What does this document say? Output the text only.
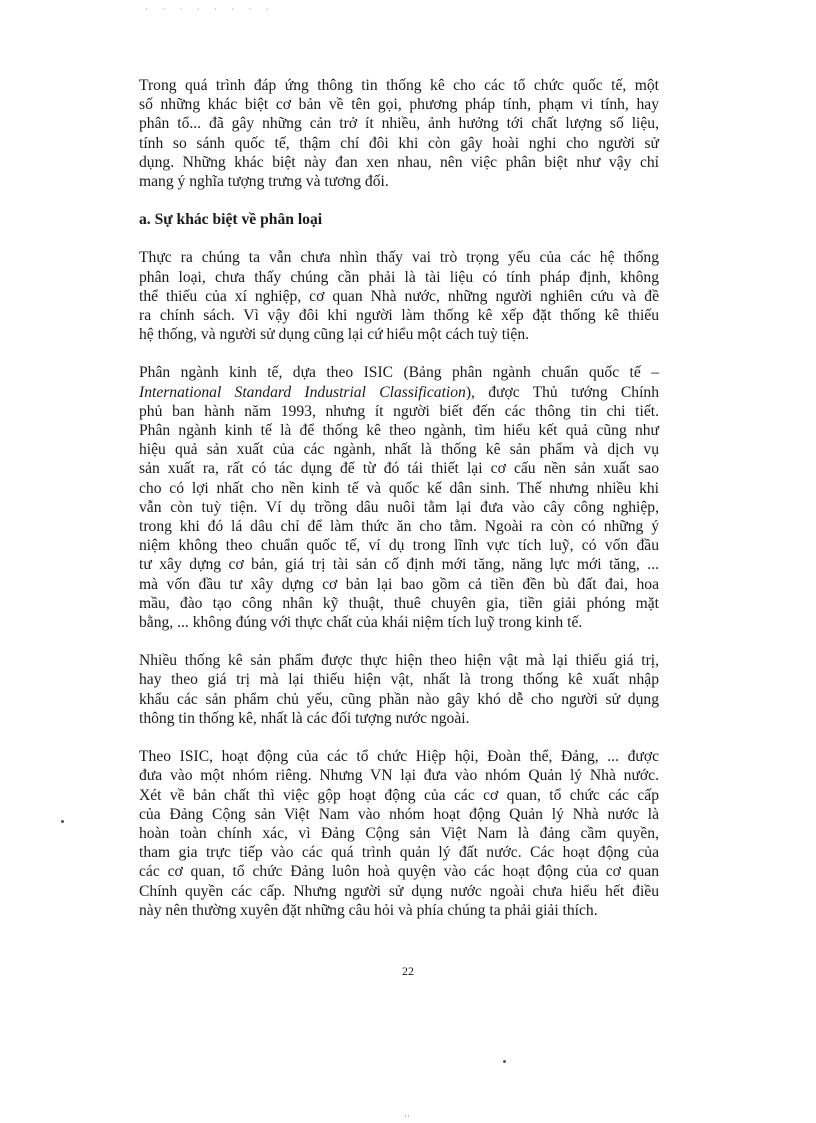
· · · · · · · ·

Trong quá trình đáp ứng thông tin thống kê cho các tổ chức quốc tế, một
số những khác biệt cơ bản về tên gọi, phương pháp tính, phạm vi tính, hay
phân tổ... đã gây những cản trở ít nhiều, ảnh hưởng tới chất lượng số liệu,
tính so sánh quốc tế, thậm chí đôi khi còn gây hoài nghi cho người sử
dụng. Những khác biệt này đan xen nhau, nên việc phân biệt như vậy chỉ
mang ý nghĩa tượng trưng và tương đối.

a. Sự khác biệt về phân loại

Thực ra chúng ta vẫn chưa nhìn thấy vai trò trọng yếu của các hệ thống
phân loại, chưa thấy chúng cần phải là tài liệu có tính pháp định, không
thể thiếu của xí nghiệp, cơ quan Nhà nước, những người nghiên cứu và đề
ra chính sách. Vì vậy đôi khi người làm thống kê xếp đặt thống kê thiếu
hệ thống, và người sử dụng cũng lại cứ hiểu một cách tuỳ tiện.

Phân ngành kinh tế, dựa theo ISIC (Bảng phân ngành chuẩn quốc tế –
International Standard Industrial Classification), được Thủ tướng Chính
phủ ban hành năm 1993, nhưng ít người biết đến các thông tin chi tiết.
Phân ngành kinh tế là để thống kê theo ngành, tìm hiểu kết quả cũng như
hiệu quả sản xuất của các ngành, nhất là thống kê sản phẩm và dịch vụ
sản xuất ra, rất có tác dụng để từ đó tái thiết lại cơ cấu nền sản xuất sao
cho có lợi nhất cho nền kinh tế và quốc kế dân sinh. Thế nhưng nhiều khi
vẫn còn tuỳ tiện. Ví dụ trồng dâu nuôi tằm lại đưa vào cây công nghiệp,
trong khi đó lá dâu chỉ để làm thức ăn cho tằm. Ngoài ra còn có những ý
niệm không theo chuẩn quốc tế, ví dụ trong lĩnh vực tích luỹ, có vốn đầu
tư xây dựng cơ bản, giá trị tài sản cố định mới tăng, năng lực mới tăng, ...
mà vốn đầu tư xây dựng cơ bản lại bao gồm cả tiền đền bù đất đai, hoa
mầu, đào tạo công nhân kỹ thuật, thuê chuyên gia, tiền giải phóng mặt
bằng, ... không đúng với thực chất của khái niệm tích luỹ trong kinh tế.

Nhiều thống kê sản phẩm được thực hiện theo hiện vật mà lại thiếu giá trị,
hay theo giá trị mà lại thiếu hiện vật, nhất là trong thống kê xuất nhập
khẩu các sản phẩm chủ yếu, cũng phần nào gây khó dễ cho người sử dụng
thông tin thống kê, nhất là các đối tượng nước ngoài.

Theo ISIC, hoạt động của các tổ chức Hiệp hội, Đoàn thể, Đảng, ... được
đưa vào một nhóm riêng. Nhưng VN lại đưa vào nhóm Quản lý Nhà nước.
Xét về bản chất thì việc gộp hoạt động của các cơ quan, tổ chức các cấp
của Đảng Cộng sản Việt Nam vào nhóm hoạt động Quản lý Nhà nước là
hoàn toàn chính xác, vì Đảng Cộng sản Việt Nam là đảng cầm quyền,
tham gia trực tiếp vào các quá trình quản lý đất nước. Các hoạt động của
các cơ quan, tổ chức Đảng luôn hoà quyện vào các hoạt động của cơ quan
Chính quyền các cấp. Nhưng người sử dụng nước ngoài chưa hiểu hết điều
này nên thường xuyên đặt những câu hỏi và phía chúng ta phải giải thích.

22
··
